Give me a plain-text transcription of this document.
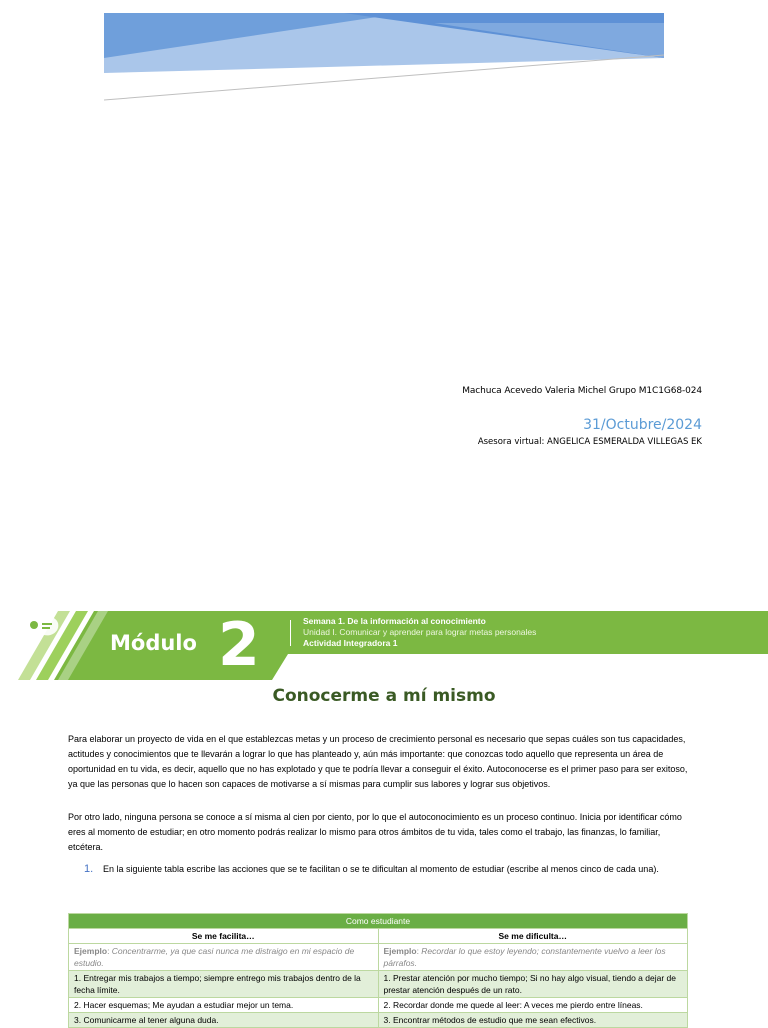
Machuca Acevedo Valeria Michel Grupo M1C1G68-024
31/Octubre/2024
Asesora virtual: ANGELICA ESMERALDA VILLEGAS EK
Módulo 2	Semana 1. De la información al conocimiento
Unidad I. Comunicar y aprender para lograr metas personales
Actividad Integradora 1
Conocerme a mí mismo
Para elaborar un proyecto de vida en el que establezcas metas y un proceso de crecimiento personal es necesario que sepas cuáles son tus capacidades, actitudes y conocimientos que te llevarán a lograr lo que has planteado y, aún más importante: que conozcas todo aquello que representa un área de oportunidad en tu vida, es decir, aquello que no has explotado y que te podría llevar a conseguir el éxito. Autoconocerse es el primer paso para ser exitoso, ya que las personas que lo hacen son capaces de motivarse a sí mismas para cumplir sus labores y lograr sus objetivos.
Por otro lado, ninguna persona se conoce a sí misma al cien por ciento, por lo que el autoconocimiento es un proceso continuo. Inicia por identificar cómo eres al momento de estudiar; en otro momento podrás realizar lo mismo para otros ámbitos de tu vida, tales como el trabajo, las finanzas, lo familiar, etcétera.
1. En la siguiente tabla escribe las acciones que se te facilitan o se te dificultan al momento de estudiar (escribe al menos cinco de cada una).
Como estudiante	
Se me facilita…	Se me dificulta…
Ejemplo: Concentrarme, ya que casi nunca me distraigo en mi espacio de estudio.	Ejemplo: Recordar lo que estoy leyendo; constantemente vuelvo a leer los párrafos.
1. Entregar mis trabajos a tiempo; siempre entrego mis trabajos dentro de la fecha límite.	1. Prestar atención por mucho tiempo; Si no hay algo visual, tiendo a dejar de prestar atención después de un rato.
2. Hacer esquemas; Me ayudan a estudiar mejor un tema.	2. Recordar donde me quede al leer: A veces me pierdo entre líneas.
3. Comunicarme al tener alguna duda.	3. Encontrar métodos de estudio que me sean efectivos.
